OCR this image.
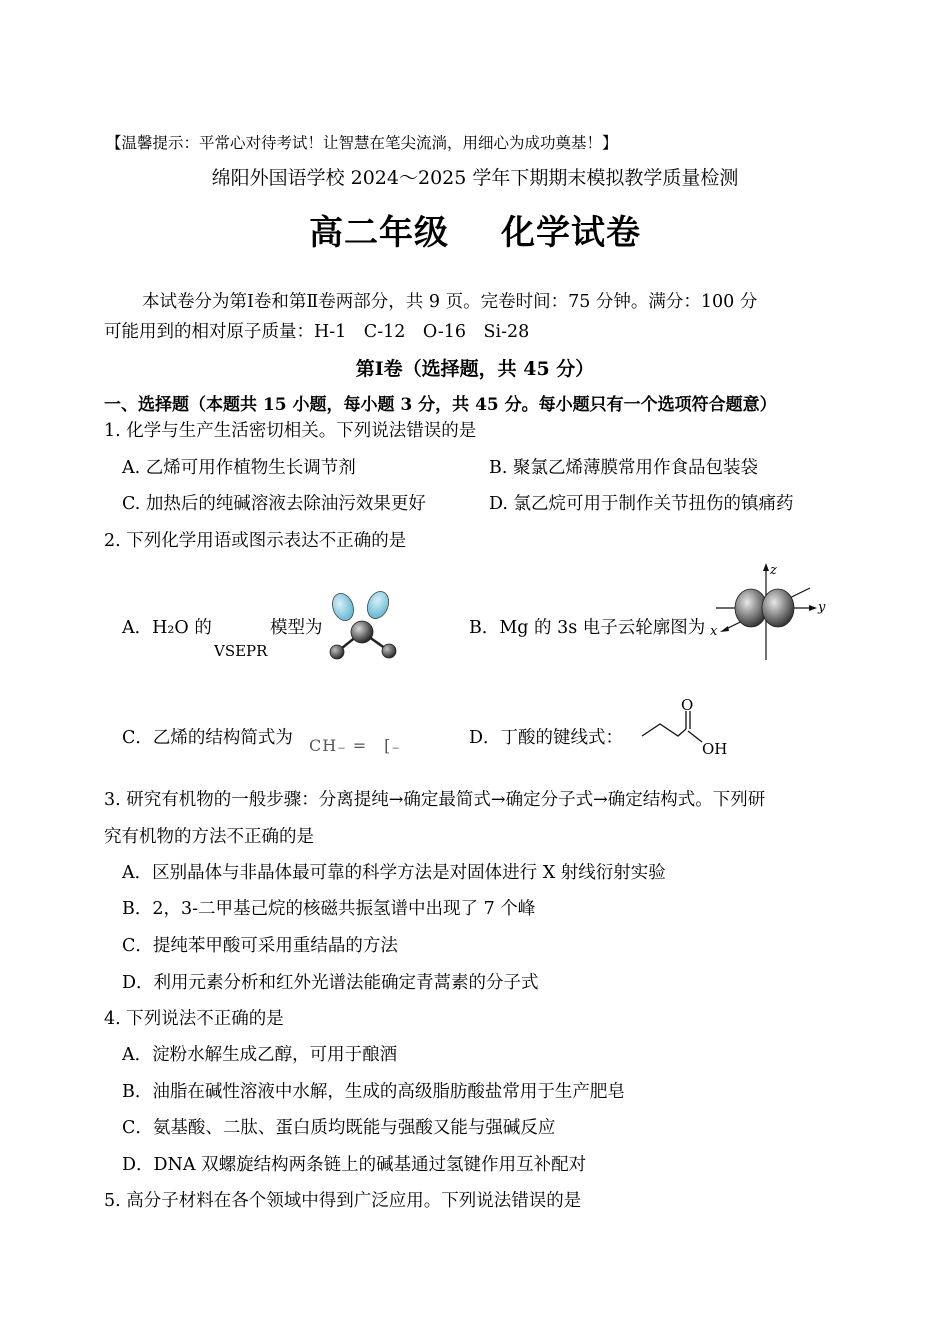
【温馨提示：平常心对待考试！让智慧在笔尖流淌，用细心为成功奠基！】
绵阳外国语学校 2024～2025 学年下期期末模拟教学质量检测
高二年级 化学试卷
本试卷分为第Ⅰ卷和第Ⅱ卷两部分，共 9 页。完卷时间：75 分钟。满分：100 分
可能用到的相对原子质量：H-1　C-12　O-16　Si-28
第Ⅰ卷（选择题，共 45 分）
一、选择题（本题共 15 小题，每小题 3 分，共 45 分。每小题只有一个选项符合题意）
1. 化学与生产生活密切相关。下列说法错误的是
A. 乙烯可用作植物生长调节剂	B. 聚氯乙烯薄膜常用作食品包装袋
C. 加热后的纯碱溶液去除油污效果更好	D. 氯乙烷可用于制作关节扭伤的镇痛药
2. 下列化学用语或图示表达不正确的是
A．H₂O 的
VSEPR
模型为	B．Mg 的 3s 电子云轮廓图为
z
y
x
C．乙烯的结构简式为 CH₋ =　[₋	D．丁酸的键线式：
O
OH
3. 研究有机物的一般步骤：分离提纯→确定最简式→确定分子式→确定结构式。下列研
究有机物的方法不正确的是
A．区别晶体与非晶体最可靠的科学方法是对固体进行 X 射线衍射实验
B．2，3-二甲基己烷的核磁共振氢谱中出现了 7 个峰
C．提纯苯甲酸可采用重结晶的方法
D．利用元素分析和红外光谱法能确定青蒿素的分子式
4. 下列说法不正确的是
A．淀粉水解生成乙醇，可用于酿酒
B．油脂在碱性溶液中水解，生成的高级脂肪酸盐常用于生产肥皂
C．氨基酸、二肽、蛋白质均既能与强酸又能与强碱反应
D．DNA 双螺旋结构两条链上的碱基通过氢键作用互补配对
5. 高分子材料在各个领域中得到广泛应用。下列说法错误的是
